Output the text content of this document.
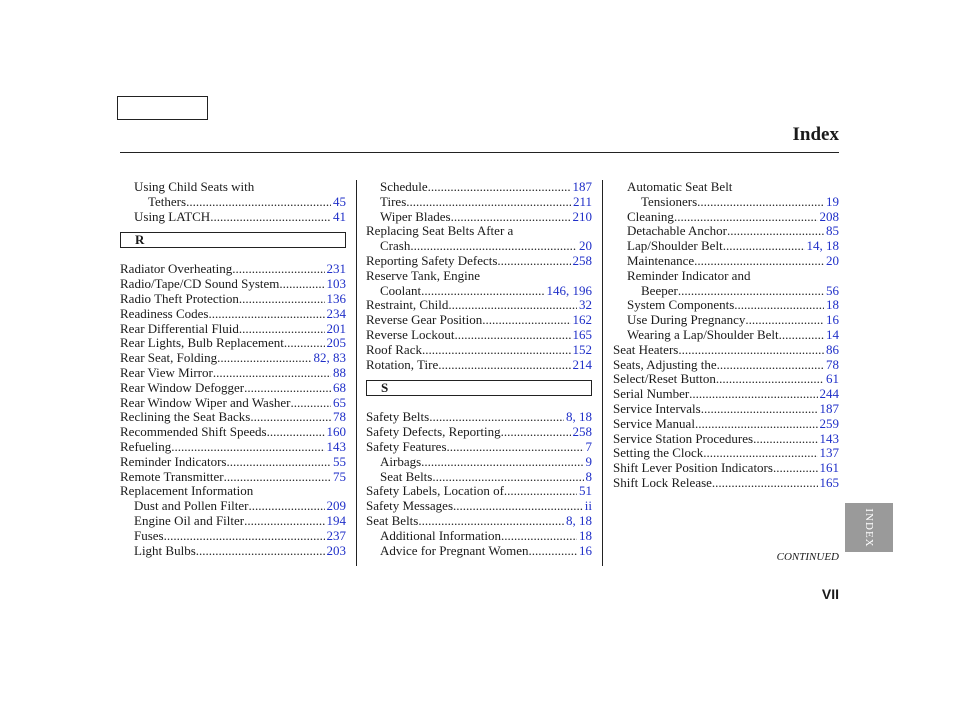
Index
Using Child Seats with
Tethers .....	45
Using LATCH .....	41
R
Radiator Overheating .....	231
Radio/Tape/CD Sound System .....	103
Radio Theft Protection .....	136
Readiness Codes .....	234
Rear Differential Fluid .....	201
Rear Lights, Bulb Replacement .....	205
Rear Seat, Folding .....	82, 83
Rear View Mirror .....	88
Rear Window Defogger .....	68
Rear Window Wiper and Washer .....	65
Reclining the Seat Backs .....	78
Recommended Shift Speeds .....	160
Refueling .....	143
Reminder Indicators .....	55
Remote Transmitter .....	75
Replacement Information
Dust and Pollen Filter .....	209
Engine Oil and Filter .....	194
Fuses .....	237
Light Bulbs .....	203
Schedule .....	187
Tires .....	211
Wiper Blades .....	210
Replacing Seat Belts After a
Crash .....	20
Reporting Safety Defects .....	258
Reserve Tank, Engine
Coolant .....	146, 196
Restraint, Child .....	32
Reverse Gear Position .....	162
Reverse Lockout .....	165
Roof Rack .....	152
Rotation, Tire .....	214
S
Safety Belts .....	8, 18
Safety Defects, Reporting .....	258
Safety Features .....	7
Airbags .....	9
Seat Belts .....	8
Safety Labels, Location of .....	51
Safety Messages .....	ii
Seat Belts .....	8, 18
Additional Information .....	18
Advice for Pregnant Women .....	16
Automatic Seat Belt
Tensioners .....	19
Cleaning .....	208
Detachable Anchor .....	85
Lap/Shoulder Belt .....	14, 18
Maintenance .....	20
Reminder Indicator and
Beeper .....	56
System Components .....	18
Use During Pregnancy .....	16
Wearing a Lap/Shoulder Belt .....	14
Seat Heaters .....	86
Seats, Adjusting the .....	78
Select/Reset Button .....	61
Serial Number .....	244
Service Intervals .....	187
Service Manual .....	259
Service Station Procedures .....	143
Setting the Clock .....	137
Shift Lever Position Indicators .....	161
Shift Lock Release .....	165
INDEX
CONTINUED
VII
